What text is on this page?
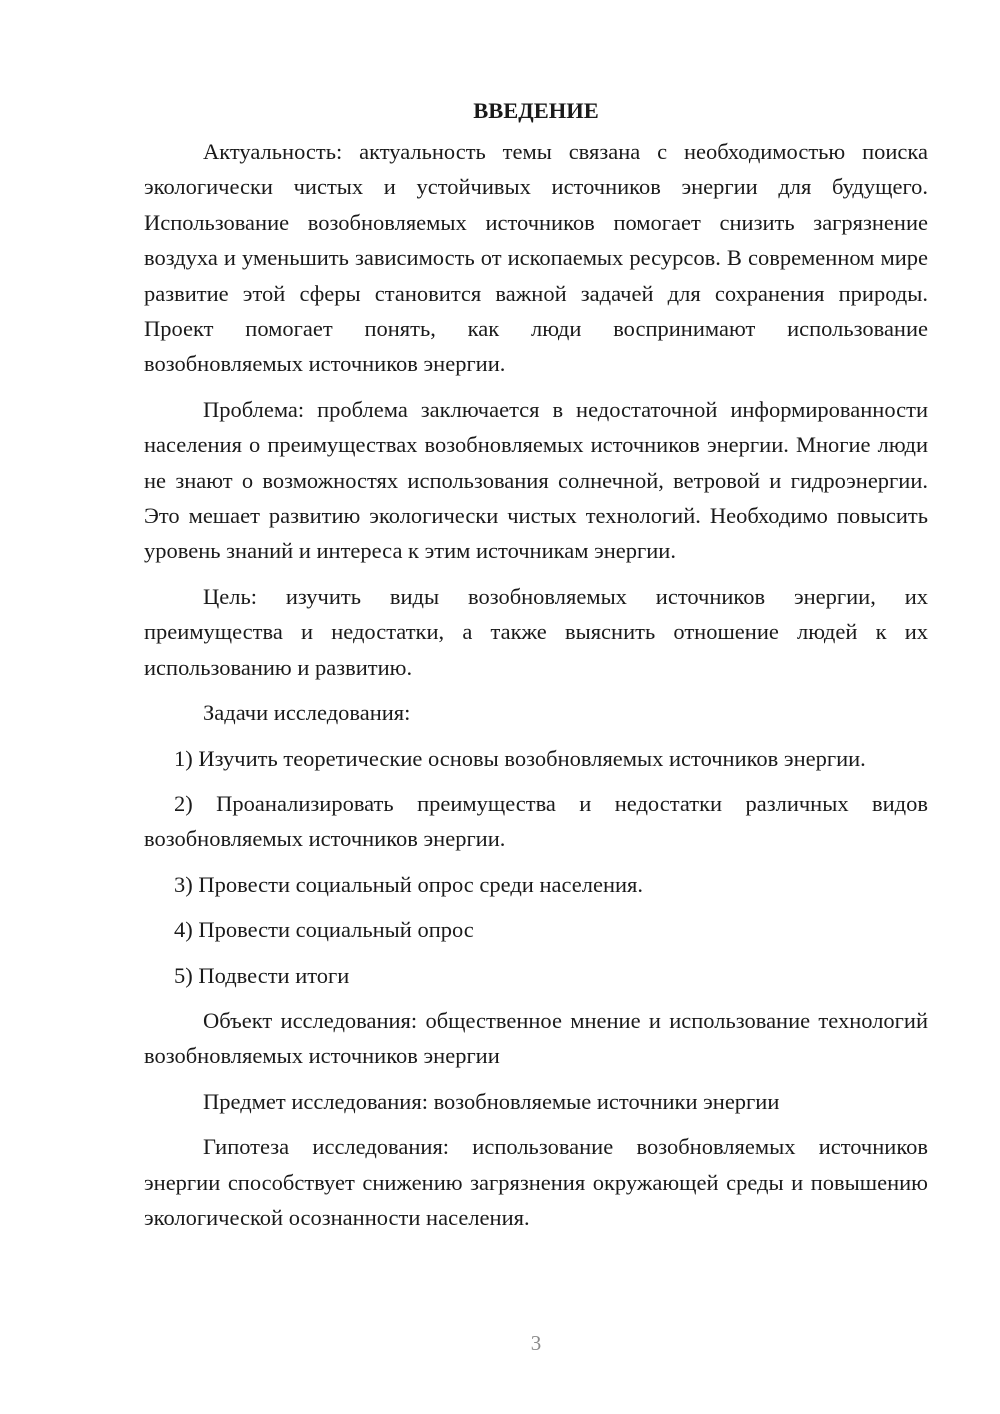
ВВЕДЕНИЕ

Актуальность: актуальность темы связана с необходимостью поиска экологически чистых и устойчивых источников энергии для будущего. Использование возобновляемых источников помогает снизить загрязнение воздуха и уменьшить зависимость от ископаемых ресурсов. В современном мире развитие этой сферы становится важной задачей для сохранения природы. Проект помогает понять, как люди воспринимают использование возобновляемых источников энергии.

Проблема: проблема заключается в недостаточной информированности населения о преимуществах возобновляемых источников энергии. Многие люди не знают о возможностях использования солнечной, ветровой и гидроэнергии. Это мешает развитию экологически чистых технологий. Необходимо повысить уровень знаний и интереса к этим источникам энергии.

Цель: изучить виды возобновляемых источников энергии, их преимущества и недостатки, а также выяснить отношение людей к их использованию и развитию.

Задачи исследования:

1) Изучить теоретические основы возобновляемых источников энергии.

2) Проанализировать преимущества и недостатки различных видов возобновляемых источников энергии.

3) Провести социальный опрос среди населения.

4) Провести социальный опрос

5) Подвести итоги

Объект исследования: общественное мнение и использование технологий возобновляемых источников энергии

Предмет исследования: возобновляемые источники энергии

Гипотеза исследования: использование возобновляемых источников энергии способствует снижению загрязнения окружающей среды и повышению экологической осознанности населения.

3
